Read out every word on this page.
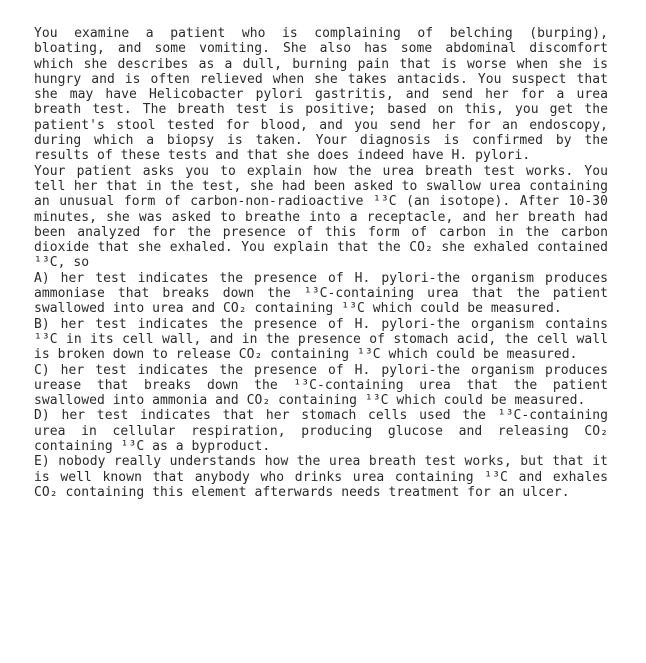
You examine a patient who is complaining of belching (burping), bloating, and some vomiting. She also has some abdominal discomfort which she describes as a dull, burning pain that is worse when she is hungry and is often relieved when she takes antacids. You suspect that she may have Helicobacter pylori gastritis, and send her for a urea breath test. The breath test is positive; based on this, you get the patient's stool tested for blood, and you send her for an endoscopy, during which a biopsy is taken. Your diagnosis is confirmed by the results of these tests and that she does indeed have H. pylori.

Your patient asks you to explain how the urea breath test works. You tell her that in the test, she had been asked to swallow urea containing an unusual form of carbon-non-radioactive ¹³C (an isotope). After 10-30 minutes, she was asked to breathe into a receptacle, and her breath had been analyzed for the presence of this form of carbon in the carbon dioxide that she exhaled. You explain that the CO₂ she exhaled contained ¹³C, so

A) her test indicates the presence of H. pylori-the organism produces ammoniase that breaks down the ¹³C-containing urea that the patient swallowed into urea and CO₂ containing ¹³C which could be measured.

B) her test indicates the presence of H. pylori-the organism contains ¹³C in its cell wall, and in the presence of stomach acid, the cell wall is broken down to release CO₂ containing ¹³C which could be measured.

C) her test indicates the presence of H. pylori-the organism produces urease that breaks down the ¹³C-containing urea that the patient swallowed into ammonia and CO₂ containing ¹³C which could be measured.

D) her test indicates that her stomach cells used the ¹³C-containing urea in cellular respiration, producing glucose and releasing CO₂ containing ¹³C as a byproduct.

E) nobody really understands how the urea breath test works, but that it is well known that anybody who drinks urea containing ¹³C and exhales CO₂ containing this element afterwards needs treatment for an ulcer.
